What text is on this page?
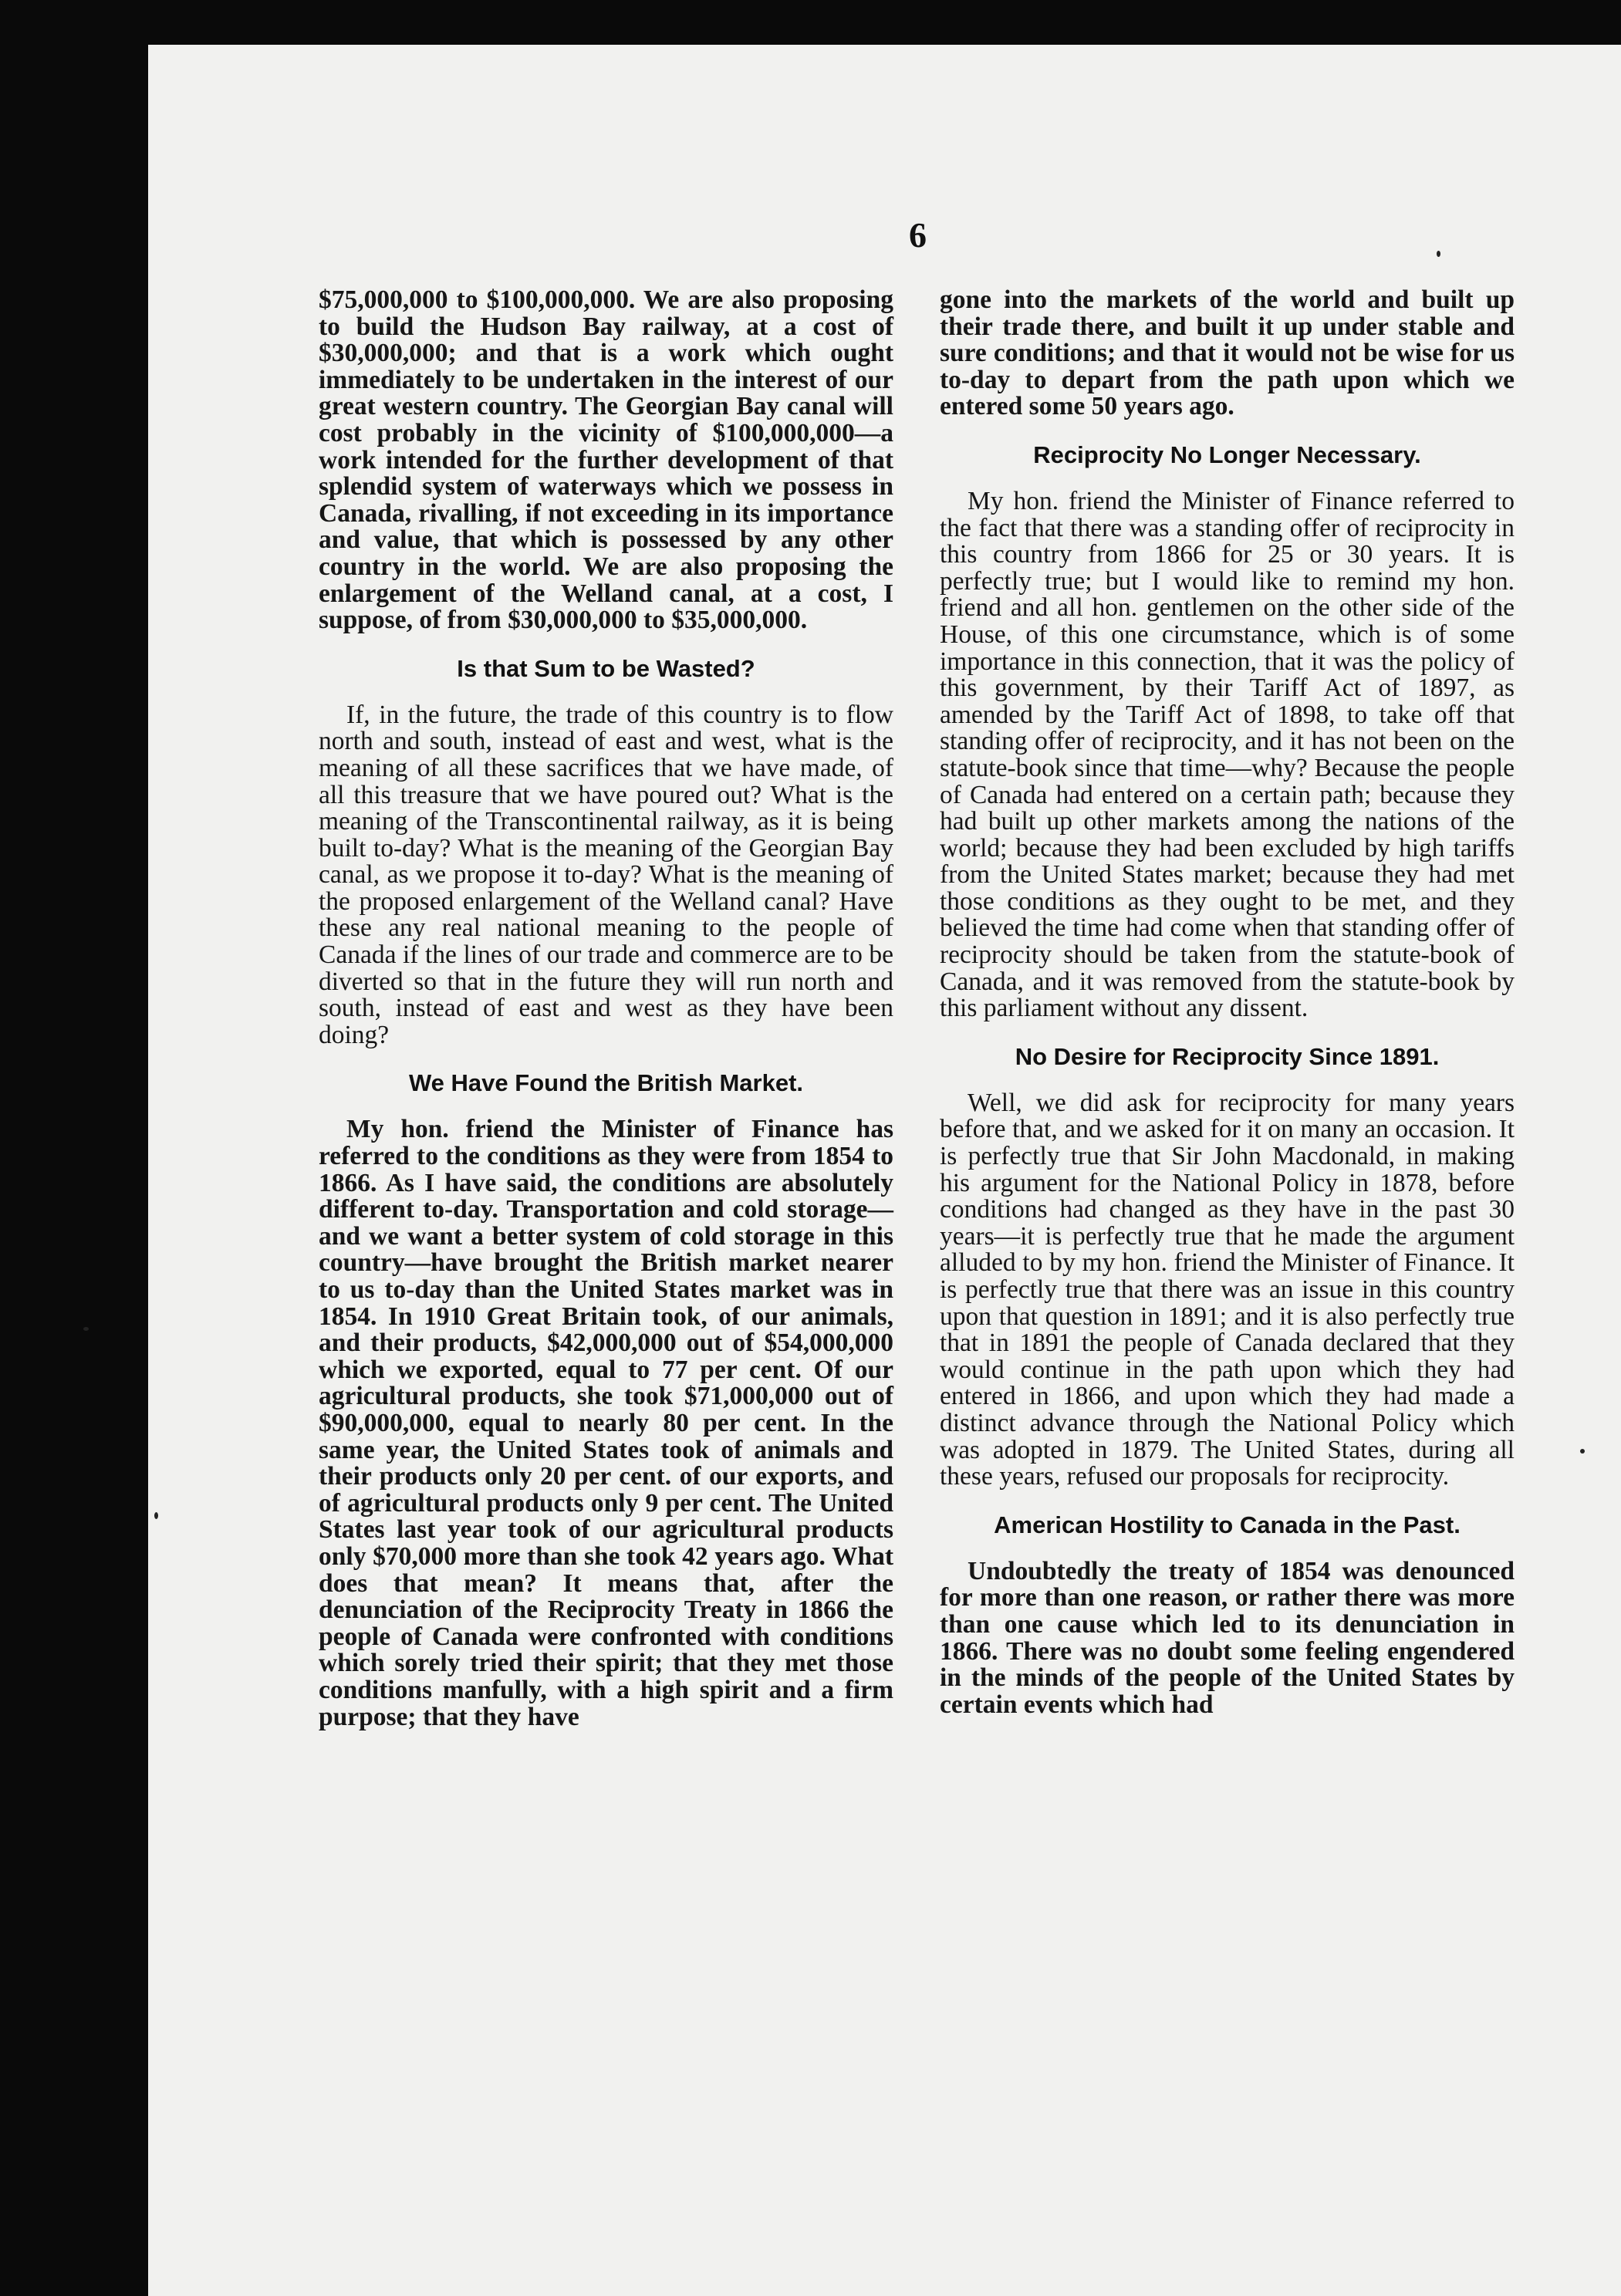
6

$75,000,000 to $100,000,000. We are also proposing to build the Hudson Bay railway, at a cost of $30,000,000; and that is a work which ought immediately to be undertaken in the interest of our great western country. The Georgian Bay canal will cost probably in the vicinity of $100,000,000—a work intended for the further development of that splendid system of waterways which we possess in Canada, rivalling, if not exceeding in its importance and value, that which is possessed by any other country in the world. We are also proposing the enlargement of the Welland canal, at a cost, I suppose, of from $30,000,000 to $35,000,000.

Is that Sum to be Wasted?

If, in the future, the trade of this country is to flow north and south, instead of east and west, what is the meaning of all these sacrifices that we have made, of all this treasure that we have poured out? What is the meaning of the Transcontinental railway, as it is being built to-day? What is the meaning of the Georgian Bay canal, as we propose it to-day? What is the meaning of the proposed enlargement of the Welland canal? Have these any real national meaning to the people of Canada if the lines of our trade and commerce are to be diverted so that in the future they will run north and south, instead of east and west as they have been doing?

We Have Found the British Market.

My hon. friend the Minister of Finance has referred to the conditions as they were from 1854 to 1866. As I have said, the conditions are absolutely different to-day. Transportation and cold storage—and we want a better system of cold storage in this country—have brought the British market nearer to us to-day than the United States market was in 1854. In 1910 Great Britain took, of our animals, and their products, $42,000,000 out of $54,000,000 which we exported, equal to 77 per cent. Of our agricultural products, she took $71,000,000 out of $90,000,000, equal to nearly 80 per cent. In the same year, the United States took of animals and their products only 20 per cent. of our exports, and of agricultural products only 9 per cent. The United States last year took of our agricultural products only $70,000 more than she took 42 years ago. What does that mean? It means that, after the denunciation of the Reciprocity Treaty in 1866 the people of Canada were confronted with conditions which sorely tried their spirit; that they met those conditions manfully, with a high spirit and a firm purpose; that they have

gone into the markets of the world and built up their trade there, and built it up under stable and sure conditions; and that it would not be wise for us to-day to depart from the path upon which we entered some 50 years ago.

Reciprocity No Longer Necessary.

My hon. friend the Minister of Finance referred to the fact that there was a standing offer of reciprocity in this country from 1866 for 25 or 30 years. It is perfectly true; but I would like to remind my hon. friend and all hon. gentlemen on the other side of the House, of this one circumstance, which is of some importance in this connection, that it was the policy of this government, by their Tariff Act of 1897, as amended by the Tariff Act of 1898, to take off that standing offer of reciprocity, and it has not been on the statute-book since that time—why? Because the people of Canada had entered on a certain path; because they had built up other markets among the nations of the world; because they had been excluded by high tariffs from the United States market; because they had met those conditions as they ought to be met, and they believed the time had come when that standing offer of reciprocity should be taken from the statute-book of Canada, and it was removed from the statute-book by this parliament without any dissent.

No Desire for Reciprocity Since 1891.

Well, we did ask for reciprocity for many years before that, and we asked for it on many an occasion. It is perfectly true that Sir John Macdonald, in making his argument for the National Policy in 1878, before conditions had changed as they have in the past 30 years—it is perfectly true that he made the argument alluded to by my hon. friend the Minister of Finance. It is perfectly true that there was an issue in this country upon that question in 1891; and it is also perfectly true that in 1891 the people of Canada declared that they would continue in the path upon which they had entered in 1866, and upon which they had made a distinct advance through the National Policy which was adopted in 1879. The United States, during all these years, refused our proposals for reciprocity.

American Hostility to Canada in the Past.

Undoubtedly the treaty of 1854 was denounced for more than one reason, or rather there was more than one cause which led to its denunciation in 1866. There was no doubt some feeling engendered in the minds of the people of the United States by certain events which had
